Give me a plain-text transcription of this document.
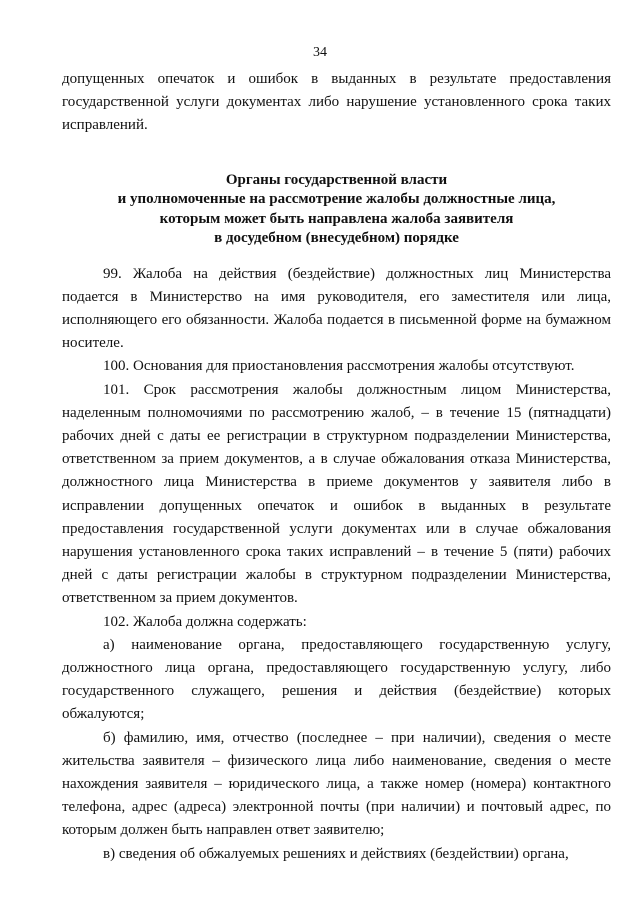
34

допущенных опечаток и ошибок в выданных в результате предоставления государственной услуги документах либо нарушение установленного срока таких исправлений.

Органы государственной власти
и уполномоченные на рассмотрение жалобы должностные лица,
которым может быть направлена жалоба заявителя
в досудебном (внесудебном) порядке

99. Жалоба на действия (бездействие) должностных лиц Министерства подается в Министерство на имя руководителя, его заместителя или лица, исполняющего его обязанности. Жалоба подается в письменной форме на бумажном носителе.

100. Основания для приостановления рассмотрения жалобы отсутствуют.

101. Срок рассмотрения жалобы должностным лицом Министерства, наделенным полномочиями по рассмотрению жалоб, – в течение 15 (пятнадцати) рабочих дней с даты ее регистрации в структурном подразделении Министерства, ответственном за прием документов, а в случае обжалования отказа Министерства, должностного лица Министерства в приеме документов у заявителя либо в исправлении допущенных опечаток и ошибок в выданных в результате предоставления государственной услуги документах или в случае обжалования нарушения установленного срока таких исправлений – в течение 5 (пяти) рабочих дней с даты регистрации жалобы в структурном подразделении Министерства, ответственном за прием документов.

102. Жалоба должна содержать:

а) наименование органа, предоставляющего государственную услугу, должностного лица органа, предоставляющего государственную услугу, либо государственного служащего, решения и действия (бездействие) которых обжалуются;

б) фамилию, имя, отчество (последнее – при наличии), сведения о месте жительства заявителя – физического лица либо наименование, сведения о месте нахождения заявителя – юридического лица, а также номер (номера) контактного телефона, адрес (адреса) электронной почты (при наличии) и почтовый адрес, по которым должен быть направлен ответ заявителю;

в) сведения об обжалуемых решениях и действиях (бездействии) органа,
